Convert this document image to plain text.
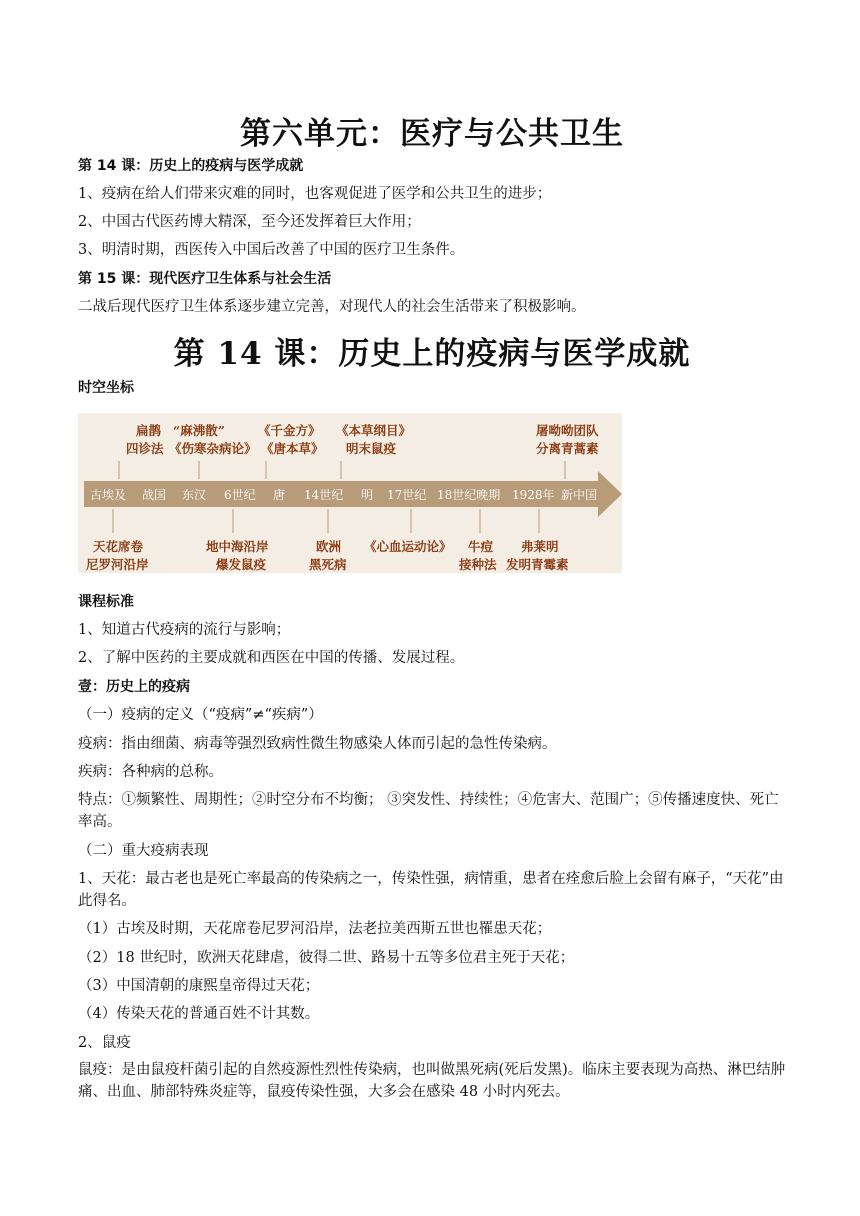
第六单元：医疗与公共卫生
第 14 课：历史上的疫病与医学成就
1、疫病在给人们带来灾难的同时，也客观促进了医学和公共卫生的进步；
2、中国古代医药博大精深，至今还发挥着巨大作用；
3、明清时期，西医传入中国后改善了中国的医疗卫生条件。
第 15 课：现代医疗卫生体系与社会生活
二战后现代医疗卫生体系逐步建立完善，对现代人的社会生活带来了积极影响。
第 14 课：历史上的疫病与医学成就
时空坐标
课程标准
1、知道古代疫病的流行与影响；
2、了解中医药的主要成就和西医在中国的传播、发展过程。
壹：历史上的疫病
（一）疫病的定义（“疫病”≠“疾病”）
疫病：指由细菌、病毒等强烈致病性微生物感染人体而引起的急性传染病。
疾病：各种病的总称。
特点：①频繁性、周期性；②时空分布不均衡； ③突发性、持续性；④危害大、范围广；⑤传播速度快、死亡率高。
（二）重大疫病表现
1、天花：最古老也是死亡率最高的传染病之一，传染性强，病情重，患者在痊愈后脸上会留有麻子，“天花”由此得名。
（1）古埃及时期，天花席卷尼罗河沿岸，法老拉美西斯五世也罹患天花；
（2）18 世纪时，欧洲天花肆虐，彼得二世、路易十五等多位君主死于天花；
（3）中国清朝的康熙皇帝得过天花；
（4）传染天花的普通百姓不计其数。
2、鼠疫
鼠疫：是由鼠疫杆菌引起的自然疫源性烈性传染病，也叫做黑死病(死后发黑)。临床主要表现为高热、淋巴结肿痛、出血、肺部特殊炎症等，鼠疫传染性强，大多会在感染 48 小时内死去。
扁鹊
四诊法
“麻沸散”
《伤寒杂病论》
《千金方》
《唐本草》
《本草纲目》
明末鼠疫
屠呦呦团队
分离青蒿素
古埃及 战国 东汉 6世纪 唐 14世纪 明 17世纪 18世纪晚期 1928年 新中国
天花席卷
尼罗河沿岸
地中海沿岸
爆发鼠疫
欧洲
黑死病
《心血运动论》 牛痘
接种法
弗莱明
发明青霉素
